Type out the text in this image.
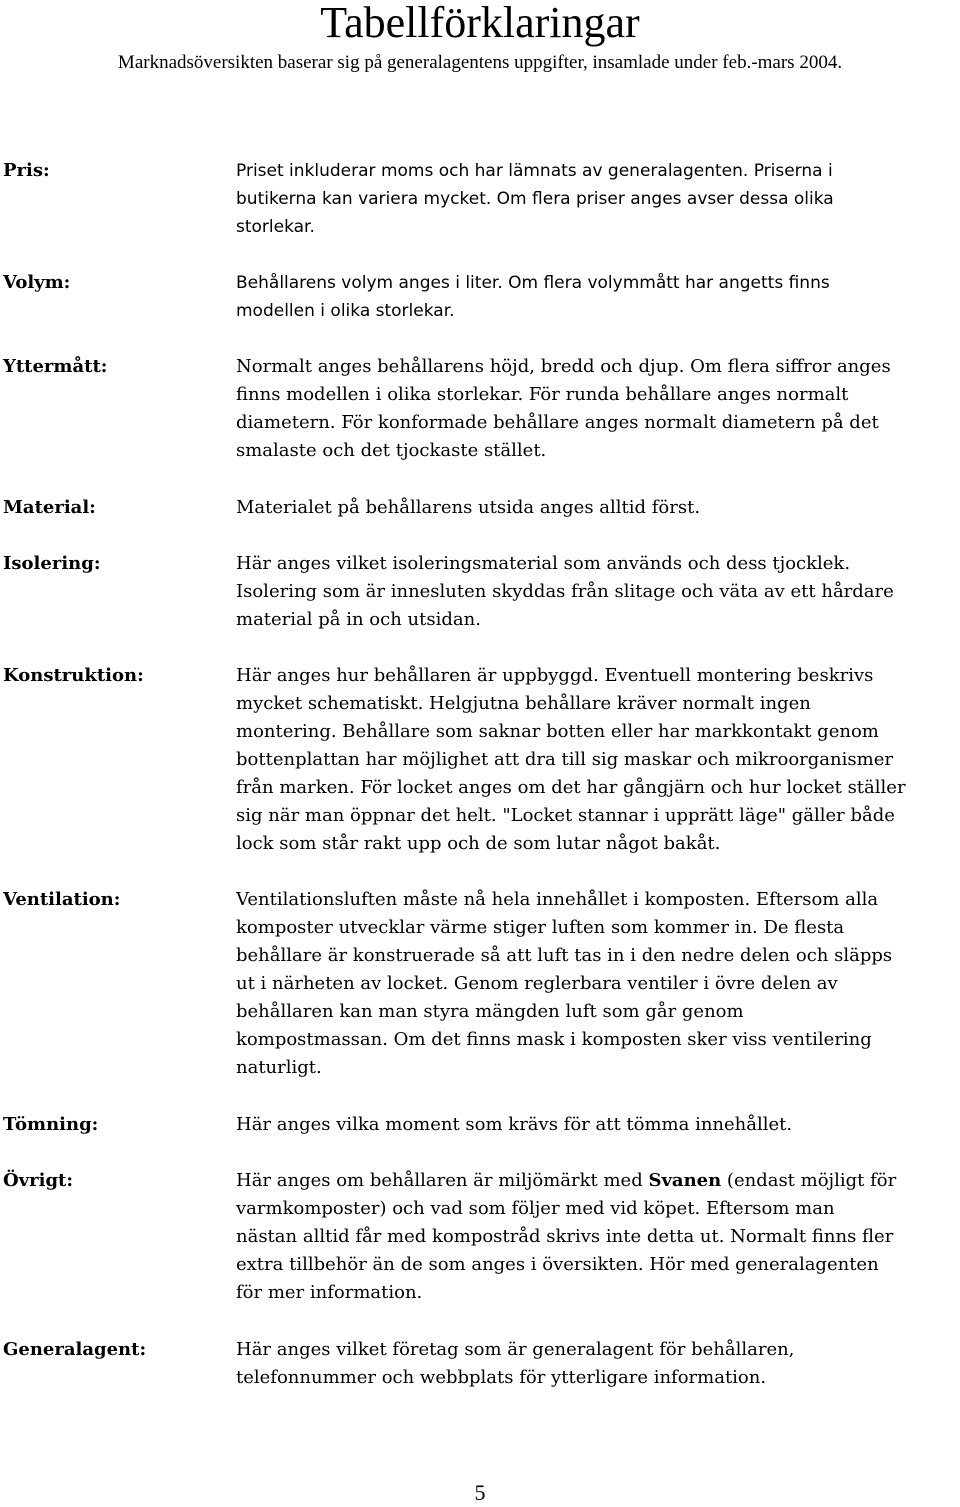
Tabellförklaringar
Marknadsöversikten baserar sig på generalagentens uppgifter, insamlade under feb.-mars 2004.
Pris:	Priset inkluderar moms och har lämnats av generalagenten. Priserna i
butikerna kan variera mycket. Om flera priser anges avser dessa olika
storlekar.
Volym:	Behållarens volym anges i liter. Om flera volymmått har angetts finns
modellen i olika storlekar.
Yttermått:	Normalt anges behållarens höjd, bredd och djup. Om flera siffror anges
finns modellen i olika storlekar. För runda behållare anges normalt
diametern. För konformade behållare anges normalt diametern på det
smalaste och det tjockaste stället.
Material:	Materialet på behållarens utsida anges alltid först.
Isolering:	Här anges vilket isoleringsmaterial som används och dess tjocklek.
Isolering som är innesluten skyddas från slitage och väta av ett hårdare
material på in och utsidan.
Konstruktion:	Här anges hur behållaren är uppbyggd. Eventuell montering beskrivs
mycket schematiskt. Helgjutna behållare kräver normalt ingen
montering. Behållare som saknar botten eller har markkontakt genom
bottenplattan har möjlighet att dra till sig maskar och mikroorganismer
från marken. För locket anges om det har gångjärn och hur locket ställer
sig när man öppnar det helt. "Locket stannar i upprätt läge" gäller både
lock som står rakt upp och de som lutar något bakåt.
Ventilation:	Ventilationsluften måste nå hela innehållet i komposten. Eftersom alla
komposter utvecklar värme stiger luften som kommer in. De flesta
behållare är konstruerade så att luft tas in i den nedre delen och släpps
ut i närheten av locket. Genom reglerbara ventiler i övre delen av
behållaren kan man styra mängden luft som går genom
kompostmassan. Om det finns mask i komposten sker viss ventilering
naturligt.
Tömning:	Här anges vilka moment som krävs för att tömma innehållet.
Övrigt:	Här anges om behållaren är miljömärkt med Svanen (endast möjligt för
varmkomposter) och vad som följer med vid köpet. Eftersom man
nästan alltid får med kompostråd skrivs inte detta ut. Normalt finns fler
extra tillbehör än de som anges i översikten. Hör med generalagenten
för mer information.
Generalagent:	Här anges vilket företag som är generalagent för behållaren,
telefonnummer och webbplats för ytterligare information.
5
